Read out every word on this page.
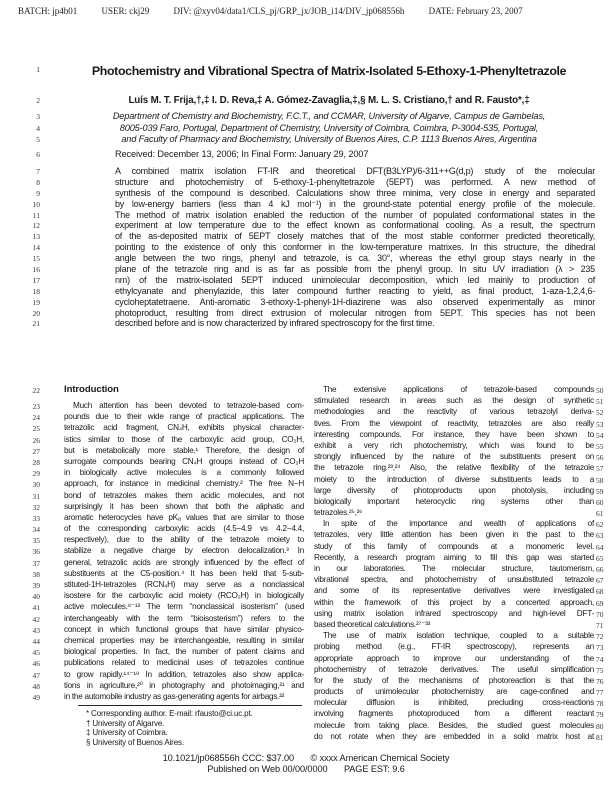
BATCH: jp4b01	USER: ckj29	DIV: @xyv04/data1/CLS_pj/GRP_jx/JOB_i14/DIV_jp068556h	DATE: February 23, 2007
1	Photochemistry and Vibrational Spectra of Matrix-Isolated 5-Ethoxy-1-Phenyltetrazole
2	Luís M. T. Frija,†,‡ I. D. Reva,‡ A. Gómez-Zavaglia,‡,§ M. L. S. Cristiano,† and R. Fausto*,‡
3	Department of Chemistry and Biochemistry, F.C.T., and CCMAR, University of Algarve, Campus de Gambelas,
4	8005-039 Faro, Portugal, Department of Chemistry, University of Coimbra, Coimbra, P-3004-535, Portugal,
5	and Faculty of Pharmacy and Biochemistry, University of Buenos Aires, C.P. 1113 Buenos Aires, Argentina
6	Received: December 13, 2006; In Final Form: January 29, 2007
7	A combined matrix isolation FT-IR and theoretical DFT(B3LYP)/6-311++G(d,p) study of the molecular
8	structure and photochemistry of 5-ethoxy-1-phenyltetrazole (5EPT) was performed. A new method of
9	synthesis of the compound is described. Calculations show three minima, very close in energy and separated
10	by low-energy barriers (less than 4 kJ mol⁻¹) in the ground-state potential energy profile of the molecule.
11	The method of matrix isolation enabled the reduction of the number of populated conformational states in the
12	experiment at low temperature due to the effect known as conformational cooling. As a result, the spectrum
13	of the as-deposited matrix of 5EPT closely matches that of the most stable conformer predicted theoretically,
14	pointing to the existence of only this conformer in the low-temperature matrixes. In this structure, the dihedral
15	angle between the two rings, phenyl and tetrazole, is ca. 30°, whereas the ethyl group stays nearly in the
16	plane of the tetrazole ring and is as far as possible from the phenyl group. In situ UV irradiation (λ > 235
17	nm) of the matrix-isolated 5EPT induced unimolecular decomposition, which led mainly to production of
18	ethylcyanate and phenylazide, this later compound further reacting to yield, as final product, 1-aza-1,2,4,6-
19	cycloheptatetraene. Anti-aromatic 3-ethoxy-1-phenyl-1H-diazirene was also observed experimentally as minor
20	photoproduct, resulting from direct extrusion of molecular nitrogen from 5EPT. This species has not been
21	described before and is now characterized by infrared spectroscopy for the first time.
22	Introduction
23	Much attention has been devoted to tetrazole-based com-
24	pounds due to their wide range of practical applications. The
25	tetrazolic acid fragment, CN₄H, exhibits physical character-
26	istics similar to those of the carboxylic acid group, CO₂H,
27	but is metabolically more stable.¹ Therefore, the design of
28	surrogate compounds bearing CN₄H groups instead of CO₂H
29	in biologically active molecules is a commonly followed
30	approach, for instance in medicinal chemistry.² The free N−H
31	bond of tetrazoles makes them acidic molecules, and not
32	surprisingly it has been shown that both the aliphatic and
33	aromatic heterocycles have pKₐ values that are similar to those
34	of the corresponding carboxylic acids (4.5−4.9 vs 4.2−4.4,
35	respectively), due to the ability of the tetrazole moiety to
36	stabilize a negative charge by electron delocalization.³ In
37	general, tetrazolic acids are strongly influenced by the effect of
38	substituents at the C5-position.⁴ It has been held that 5-sub-
39	stituted-1H-tetrazoles (RCN₄H) may serve as a nonclassical
40	isostere for the carboxylic acid moiety (RCO₂H) in biologically
41	active molecules.⁸⁻¹³ The term “nonclassical isosterism” (used
42	interchangeably with the term “bioisosterism”) refers to the
43	concept in which functional groups that have similar physico-
44	chemical properties may be interchangeable, resulting in similar
45	biological properties. In fact, the number of patent claims and
46	publications related to medicinal uses of tetrazoles continue
47	to grow rapidly.¹⁴⁻¹⁹ In addition, tetrazoles also show applica-
48	tions in agriculture,²⁰ in photography and photoimaging,²¹ and
49	in the automobile industry as gas-generating agents for airbags.²²
* Corresponding author. E-mail: rfausto@ci.uc.pt.
† University of Algarve.
‡ University of Coimbra.
§ University of Buenos Aires.
The extensive applications of tetrazole-based compounds 50
stimulated research in areas such as the design of synthetic 51
methodologies and the reactivity of various tetrazolyl deriva- 52
tives. From the viewpoint of reactivity, tetrazoles are also really 53
interesting compounds. For instance, they have been shown to 54
exhibit a very rich photochemistry, which was found to be 55
strongly influenced by the nature of the substituents present on 56
the tetrazole ring.²³,²⁴ Also, the relative flexibility of the tetrazole 57
moiety to the introduction of diverse substituents leads to a 58
large diversity of photoproducts upon photolysis, including 59
biologically important heterocyclic ring systems other than 60
tetrazoles.²⁵,²⁶	61
In spite of the importance and wealth of applications of 62
tetrazoles, very little attention has been given in the past to the 63
study of this family of compounds at a monomeric level. 64
Recently, a research program aiming to fill this gap was started 65
in our laboratories. The molecular structure, tautomerism, 66
vibrational spectra, and photochemistry of unsubstituted tetrazole 67
and some of its representative derivatives were investigated 68
within the framework of this project by a concerted approach, 69
using matrix isolation infrared spectroscopy and high-level DFT- 70
based theoretical calculations.²⁷⁻³³	71
The use of matrix isolation technique, coupled to a suitable 72
probing method (e.g., FT-IR spectroscopy), represents an 73
appropriate approach to improve our understanding of the 74
photochemistry of tetrazole derivatives. The useful simplification 75
for the study of the mechanisms of photoreaction is that the 76
products of unimolecular photochemistry are cage-confined and 77
molecular diffusion is inhibited, precluding cross-reactions 78
involving fragments photoproduced from a different reactant 79
molecule from taking place. Besides, the studied guest molecules 80
do not rotate when they are embedded in a solid matrix host at 81
10.1021/jp068556h CCC: $37.00 © xxxx American Chemical Society
Published on Web 00/00/0000 PAGE EST: 9.6
